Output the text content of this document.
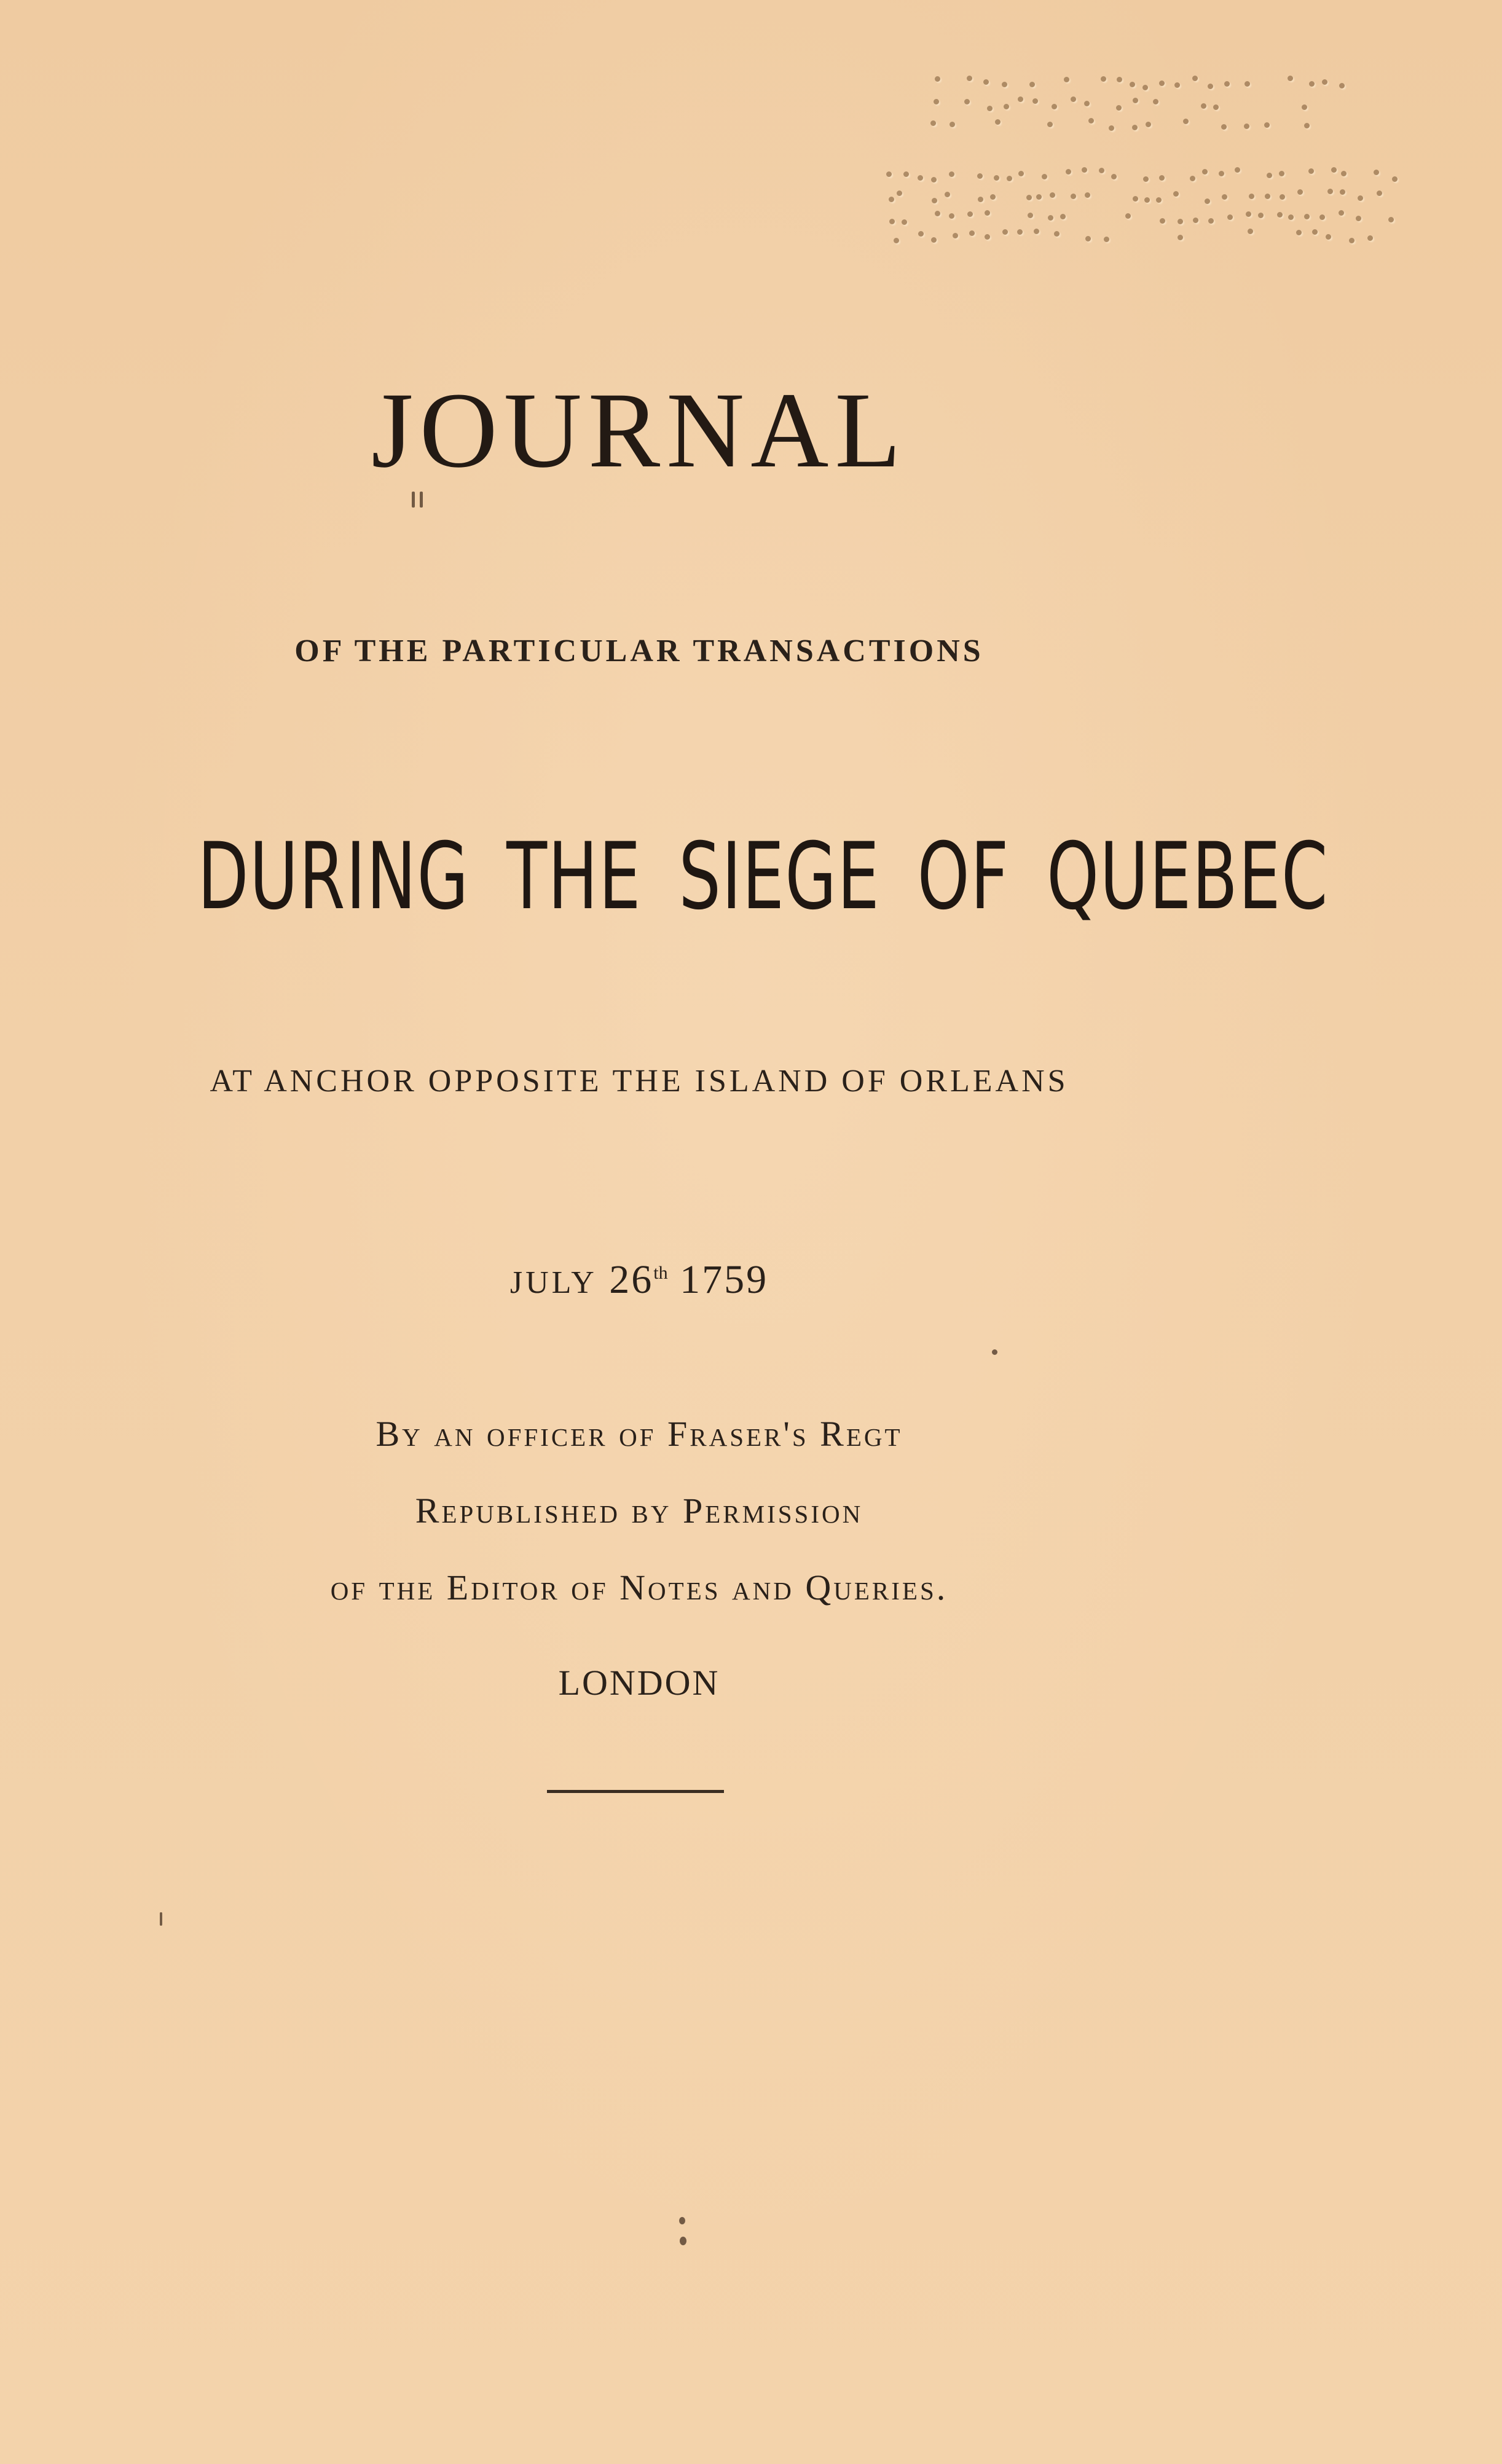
JOURNAL
OF THE PARTICULAR TRANSACTIONS
DURING THE SIEGE OF QUEBEC
AT ANCHOR OPPOSITE THE ISLAND OF ORLEANS
JULY 26th 1759
By an officer of Fraser's Regt
Republished by Permission
of the Editor of Notes and Queries.
LONDON
